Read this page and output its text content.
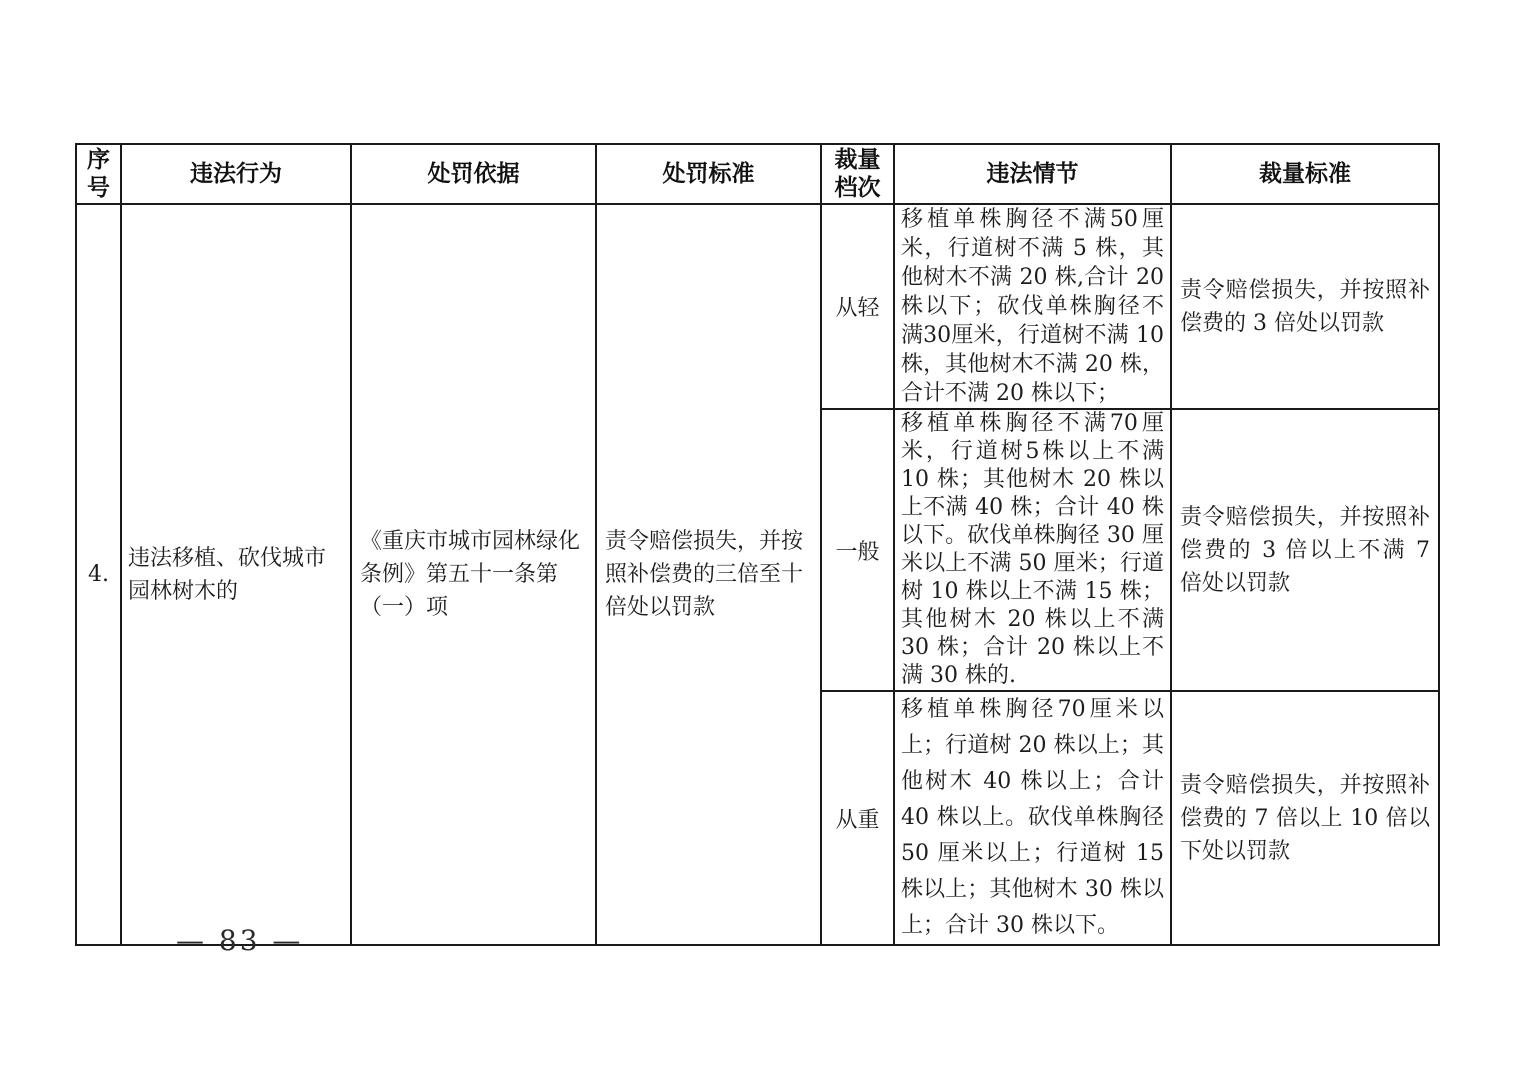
序号	违法行为	处罚依据	处罚标准	裁量档次	违法情节	裁量标准
4.	违法移植、砍伐城市园林树木的	《重庆市城市园林绿化条例》第五十一条第（一）项	责令赔偿损失，并按照补偿费的三倍至十倍处以罚款	从轻	移植单株胸径不满50厘米，行道树不满 5 株，其他树木不满 20 株,合计 20 株以下；砍伐单株胸径不满30厘米，行道树不满 10 株，其他树木不满 20 株，合计不满 20 株以下；	责令赔偿损失，并按照补偿费的 3 倍处以罚款
				一般	移植单株胸径不满70厘米，行道树5株以上不满 10 株；其他树木 20 株以上不满 40 株；合计 40 株以下。砍伐单株胸径 30 厘米以上不满 50 厘米；行道树 10 株以上不满 15 株；其他树木 20 株以上不满 30 株；合计 20 株以上不满 30 株的.	责令赔偿损失，并按照补偿费的 3 倍以上不满 7 倍处以罚款
				从重	移植单株胸径70厘米以上；行道树 20 株以上；其他树木 40 株以上；合计 40 株以上。砍伐单株胸径 50 厘米以上；行道树 15 株以上；其他树木 30 株以上；合计 30 株以下。	责令赔偿损失，并按照补偿费的 7 倍以上 10 倍以下处以罚款
— 83 —
